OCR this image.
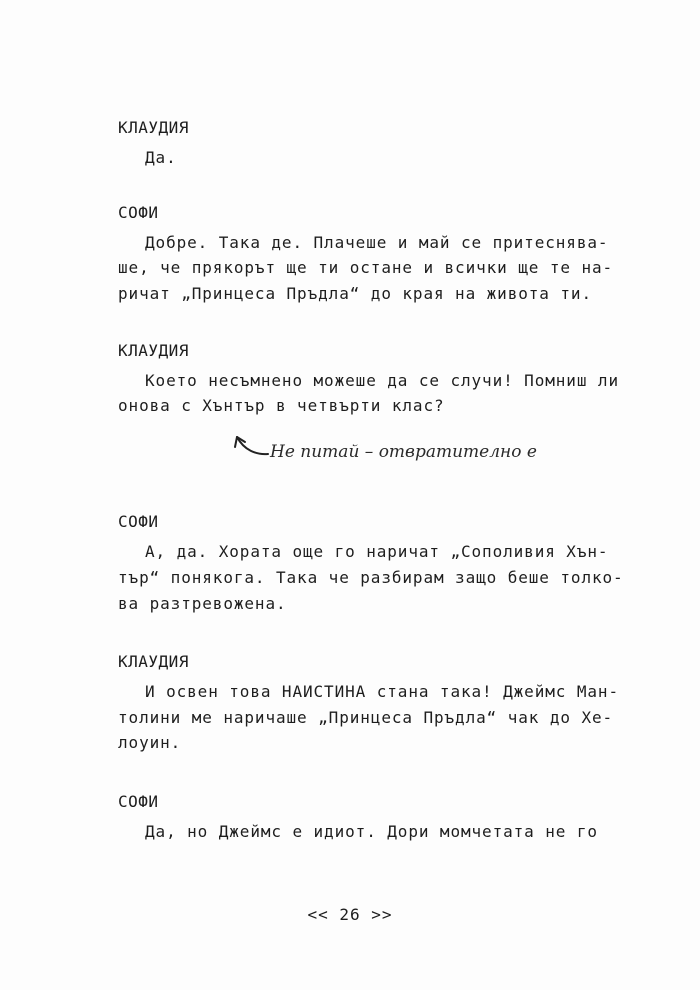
КЛАУДИЯ
Да.
СОФИ
Добре. Така де. Плачеше и май се притеснява-
ше, че прякорът ще ти остане и всички ще те на-
ричат „Принцеса Пръдла“ до края на живота ти.
КЛАУДИЯ
Което несъмнено можеше да се случи! Помниш ли
онова с Хънтър в четвърти клас?
Не питай – отвратително е
СОФИ
А, да. Хората още го наричат „Сополивия Хън-
тър“ понякога. Така че разбирам защо беше толко-
ва разтревожена.
КЛАУДИЯ
И освен това НАИСТИНА стана така! Джеймс Ман-
толини ме наричаше „Принцеса Пръдла“ чак до Хе-
лоуин.
СОФИ
Да, но Джеймс е идиот. Дори момчетата не го
<< 26 >>
